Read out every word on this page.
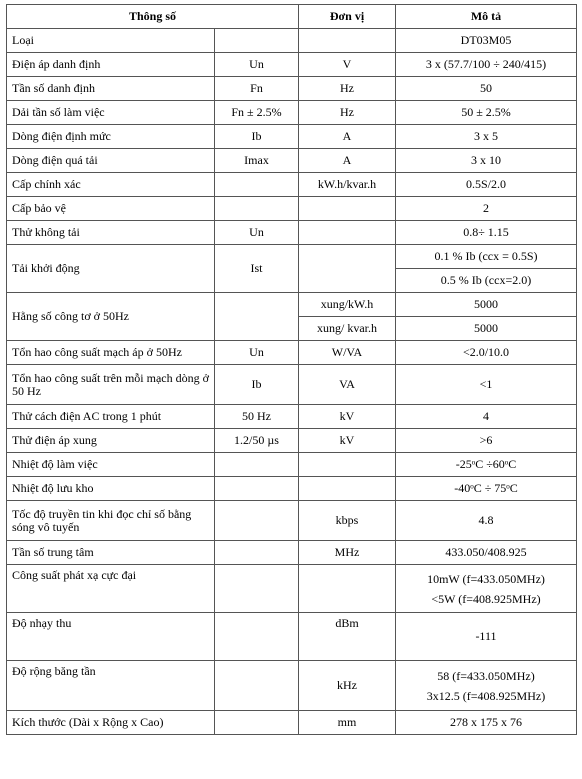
Thông số		Đơn vị	Mô tả
Loại			DT03M05
Điện áp danh định	Un	V	3 x (57.7/100 ÷ 240/415)
Tần số danh định	Fn	Hz	50
Dải tần số làm việc	Fn ± 2.5%	Hz	50 ± 2.5%
Dòng điện định mức	Ib	A	3 x 5
Dòng điện quá tải	Imax	A	3 x 10
Cấp chính xác		kW.h/kvar.h	0.5S/2.0
Cấp bảo vệ			2
Thử không tải	Un		0.8÷ 1.15
Tải khởi động	Ist		0.1 % Ib (ccx = 0.5S)
			0.5 % Ib (ccx=2.0)
Hằng số công tơ ở 50Hz		xung/kW.h	5000
		xung/ kvar.h	5000
Tổn hao công suất mạch áp ở 50Hz	Un	W/VA	<2.0/10.0
Tổn hao công suất trên mỗi mạch dòng ở 50 Hz	Ib	VA	<1
Thử cách điện AC trong 1 phút	50 Hz	kV	4
Thử điện áp xung	1.2/50 µs	kV	>6
Nhiệt độ làm việc			-25ᵒC ÷60ᵒC
Nhiệt độ lưu kho			-40ᵒC ÷ 75ᵒC
Tốc độ truyền tin khi đọc chỉ số bằng sóng vô tuyến		kbps	4.8
Tần số trung tâm		MHz	433.050/408.925
Công suất phát xạ cực đại			10mW (f=433.050MHz)
<5W (f=408.925MHz)

Độ nhạy thu		dBm	-111
Độ rộng băng tần		kHz	58 (f=433.050MHz)
3x12.5 (f=408.925MHz)

Kích thước (Dài x Rộng x Cao)		mm	278 x 175 x 76
